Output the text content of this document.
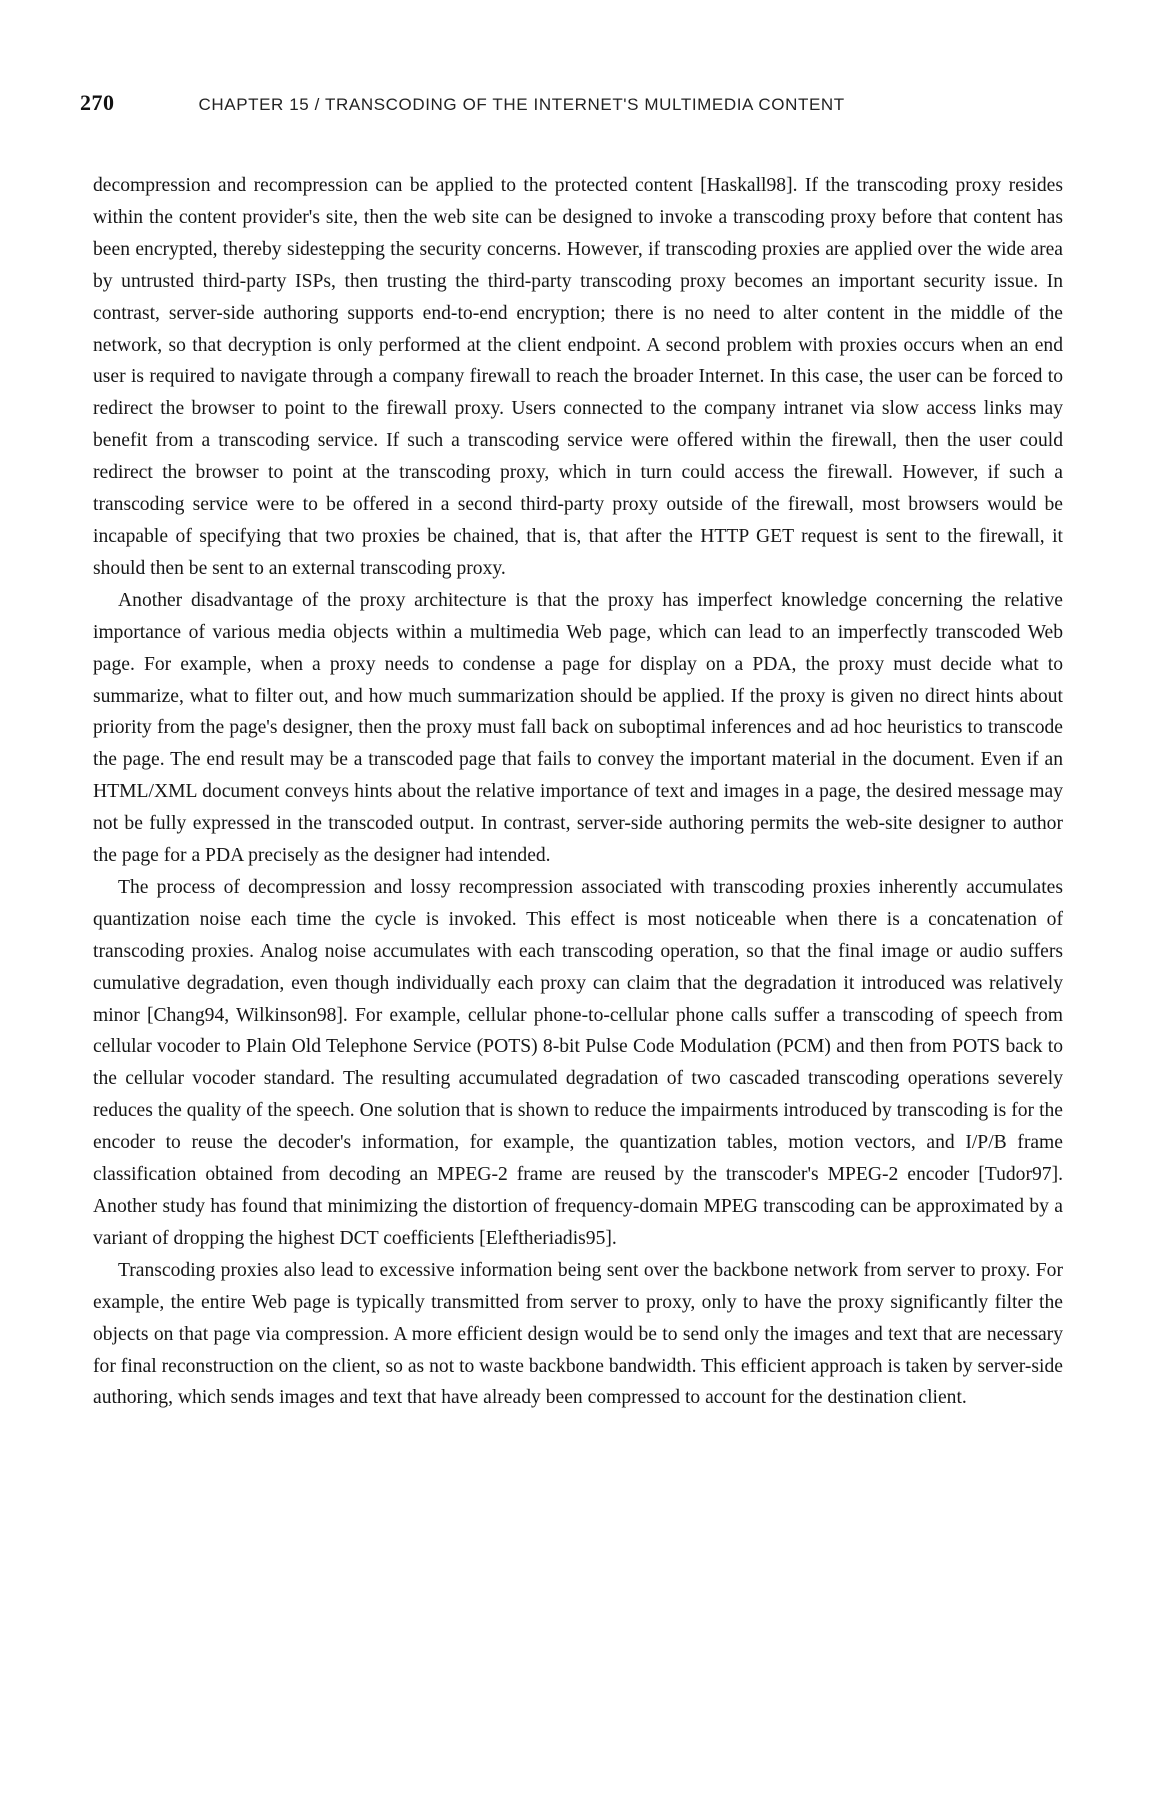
270	CHAPTER 15 / TRANSCODING OF THE INTERNET'S MULTIMEDIA CONTENT

decompression and recompression can be applied to the protected content [Haskall98]. If the transcoding proxy resides within the content provider's site, then the web site can be designed to invoke a transcoding proxy before that content has been encrypted, thereby sidestepping the security concerns. However, if transcoding proxies are applied over the wide area by untrusted third-party ISPs, then trusting the third-party transcoding proxy becomes an important security issue. In contrast, server-side authoring supports end-to-end encryption; there is no need to alter content in the middle of the network, so that decryption is only performed at the client endpoint. A second problem with proxies occurs when an end user is required to navigate through a company firewall to reach the broader Internet. In this case, the user can be forced to redirect the browser to point to the firewall proxy. Users connected to the company intranet via slow access links may benefit from a transcoding service. If such a transcoding service were offered within the firewall, then the user could redirect the browser to point at the transcoding proxy, which in turn could access the firewall. However, if such a transcoding service were to be offered in a second third-party proxy outside of the firewall, most browsers would be incapable of specifying that two proxies be chained, that is, that after the HTTP GET request is sent to the firewall, it should then be sent to an external transcoding proxy.

Another disadvantage of the proxy architecture is that the proxy has imperfect knowledge concerning the relative importance of various media objects within a multimedia Web page, which can lead to an imperfectly transcoded Web page. For example, when a proxy needs to condense a page for display on a PDA, the proxy must decide what to summarize, what to filter out, and how much summarization should be applied. If the proxy is given no direct hints about priority from the page's designer, then the proxy must fall back on suboptimal inferences and ad hoc heuristics to transcode the page. The end result may be a transcoded page that fails to convey the important material in the document. Even if an HTML/XML document conveys hints about the relative importance of text and images in a page, the desired message may not be fully expressed in the transcoded output. In contrast, server-side authoring permits the web-site designer to author the page for a PDA precisely as the designer had intended.

The process of decompression and lossy recompression associated with transcoding proxies inherently accumulates quantization noise each time the cycle is invoked. This effect is most noticeable when there is a concatenation of transcoding proxies. Analog noise accumulates with each transcoding operation, so that the final image or audio suffers cumulative degradation, even though individually each proxy can claim that the degradation it introduced was relatively minor [Chang94, Wilkinson98]. For example, cellular phone-to-cellular phone calls suffer a transcoding of speech from cellular vocoder to Plain Old Telephone Service (POTS) 8-bit Pulse Code Modulation (PCM) and then from POTS back to the cellular vocoder standard. The resulting accumulated degradation of two cascaded transcoding operations severely reduces the quality of the speech. One solution that is shown to reduce the impairments introduced by transcoding is for the encoder to reuse the decoder's information, for example, the quantization tables, motion vectors, and I/P/B frame classification obtained from decoding an MPEG-2 frame are reused by the transcoder's MPEG-2 encoder [Tudor97]. Another study has found that minimizing the distortion of frequency-domain MPEG transcoding can be approximated by a variant of dropping the highest DCT coefficients [Eleftheriadis95].

Transcoding proxies also lead to excessive information being sent over the backbone network from server to proxy. For example, the entire Web page is typically transmitted from server to proxy, only to have the proxy significantly filter the objects on that page via compression. A more efficient design would be to send only the images and text that are necessary for final reconstruction on the client, so as not to waste backbone bandwidth. This efficient approach is taken by server-side authoring, which sends images and text that have already been compressed to account for the destination client.
